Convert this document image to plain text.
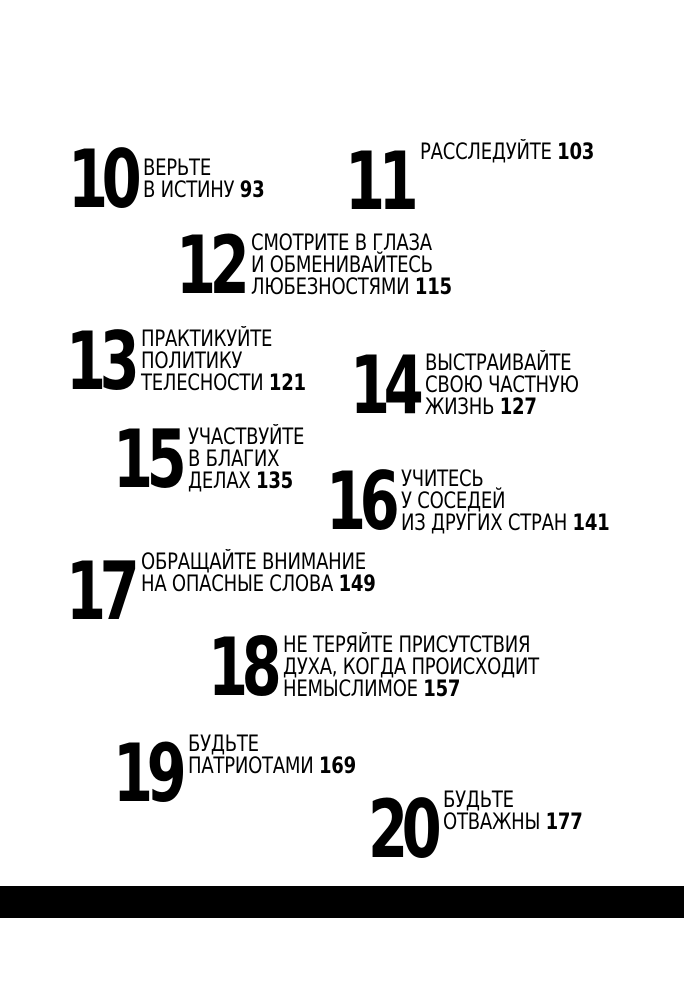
10 ВЕРЬТЕ
В ИСТИНУ 93 11 РАССЛЕДУЙТЕ 103
12 СМОТРИТЕ В ГЛАЗА
И ОБМЕНИВАЙТЕСЬ
ЛЮБЕЗНОСТЯМИ 115
13 ПРАКТИКУЙТЕ
ПОЛИТИКУ
ТЕЛЕСНОСТИ 121 14 ВЫСТРАИВАЙТЕ
СВОЮ ЧАСТНУЮ
ЖИЗНЬ 127
15 УЧАСТВУЙТЕ
В БЛАГИХ
ДЕЛАХ 135 16 УЧИТЕСЬ
У СОСЕДЕЙ
ИЗ ДРУГИХ СТРАН 141
17 ОБРАЩАЙТЕ ВНИМАНИЕ
НА ОПАСНЫЕ СЛОВА 149
18 НЕ ТЕРЯЙТЕ ПРИСУТСТВИЯ
ДУХА, КОГДА ПРОИСХОДИТ
НЕМЫСЛИМОЕ 157
19 БУДЬТЕ
ПАТРИОТАМИ 169
20 БУДЬТЕ
ОТВАЖНЫ 177
